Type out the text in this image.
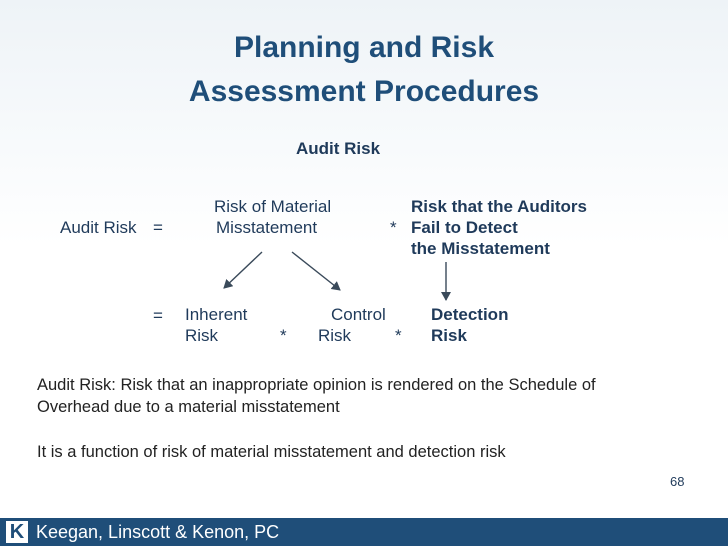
Planning and Risk
Assessment Procedures
Audit Risk
Audit Risk =
Risk of Material
Misstatement	*
Risk that the Auditors
Fail to Detect
the Misstatement
= Inherent
Risk	*
Control
Risk	*
Detection
Risk
Audit Risk: Risk that an inappropriate opinion is rendered on the Schedule of
Overhead due to a material misstatement
It is a function of risk of material misstatement and detection risk
68
K Keegan, Linscott & Kenon, PC
